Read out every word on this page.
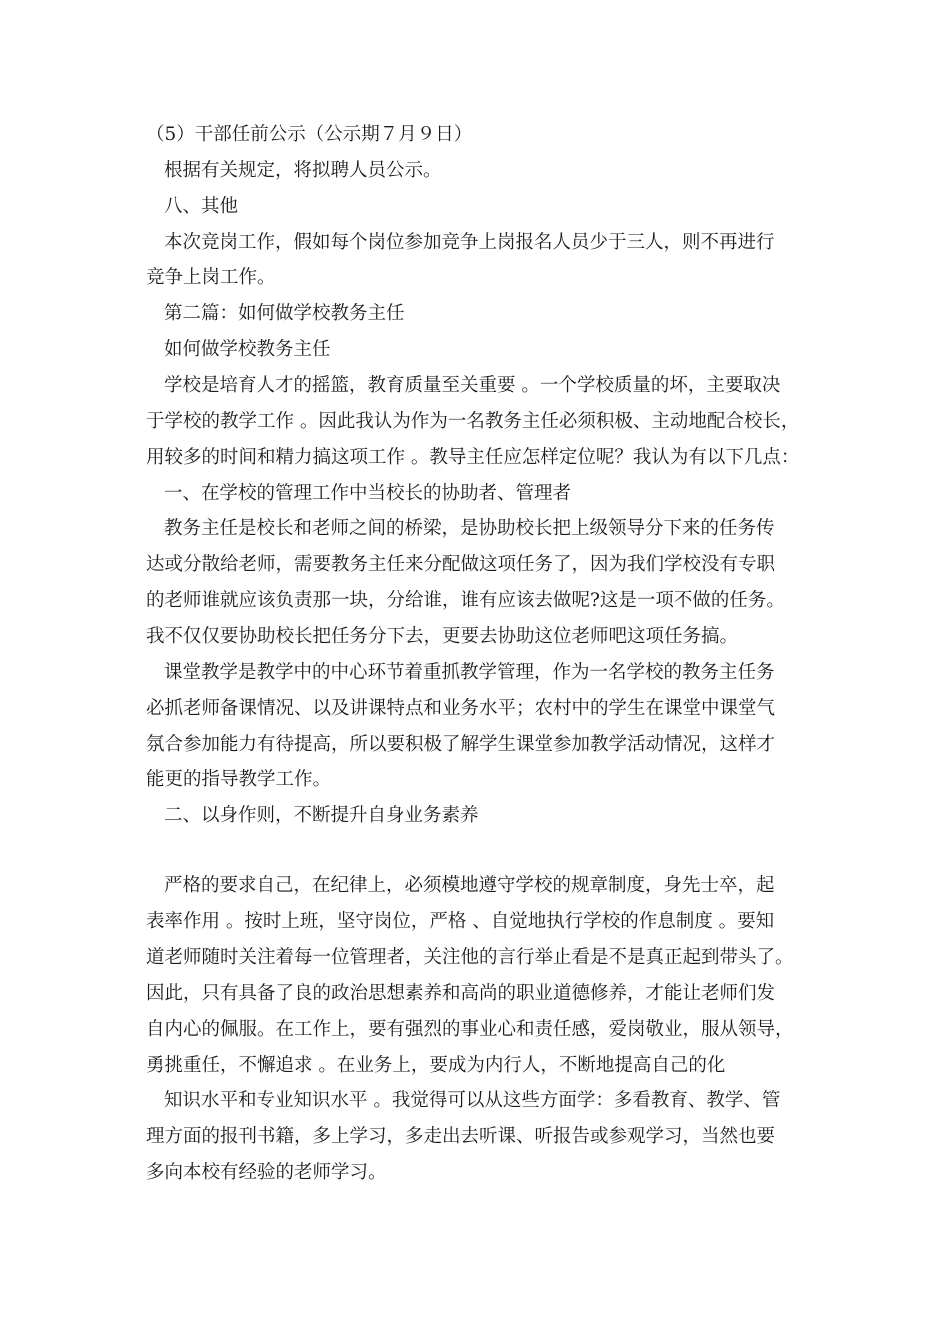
（5）干部任前公示（公示期７月９日）
根据有关规定，将拟聘人员公示。
八、其他
本次竞岗工作，假如每个岗位参加竞争上岗报名人员少于三人，则不再进行
竞争上岗工作。
第二篇：如何做学校教务主任
如何做学校教务主任
学校是培育人才的摇篮，教育质量至关重要 。一个学校质量的坏，主要取决
于学校的教学工作 。因此我认为作为一名教务主任必须积极、主动地配合校长，
用较多的时间和精力搞这项工作 。教导主任应怎样定位呢？我认为有以下几点：
一、在学校的管理工作中当校长的协助者、管理者
教务主任是校长和老师之间的桥梁，是协助校长把上级领导分下来的任务传
达或分散给老师，需要教务主任来分配做这项任务了，因为我们学校没有专职
的老师谁就应该负责那一块，分给谁，谁有应该去做呢?这是一项不做的任务。
我不仅仅要协助校长把任务分下去，更要去协助这位老师吧这项任务搞。
课堂教学是教学中的中心环节着重抓教学管理，作为一名学校的教务主任务
必抓老师备课情况、以及讲课特点和业务水平；农村中的学生在课堂中课堂气
氛合参加能力有待提高，所以要积极了解学生课堂参加教学活动情况，这样才
能更的指导教学工作。
二、以身作则，不断提升自身业务素养
严格的要求自己，在纪律上，必须模地遵守学校的规章制度，身先士卒，起
表率作用 。按时上班，坚守岗位，严格 、自觉地执行学校的作息制度 。要知
道老师随时关注着每一位管理者，关注他的言行举止看是不是真正起到带头了。
因此，只有具备了良的政治思想素养和高尚的职业道德修养，才能让老师们发
自内心的佩服。在工作上，要有强烈的事业心和责任感，爱岗敬业，服从领导，
勇挑重任，不懈追求 。在业务上，要成为内行人，不断地提高自己的化
知识水平和专业知识水平 。我觉得可以从这些方面学：多看教育、教学、管
理方面的报刊书籍，多上学习，多走出去听课、听报告或参观学习，当然也要
多向本校有经验的老师学习。
